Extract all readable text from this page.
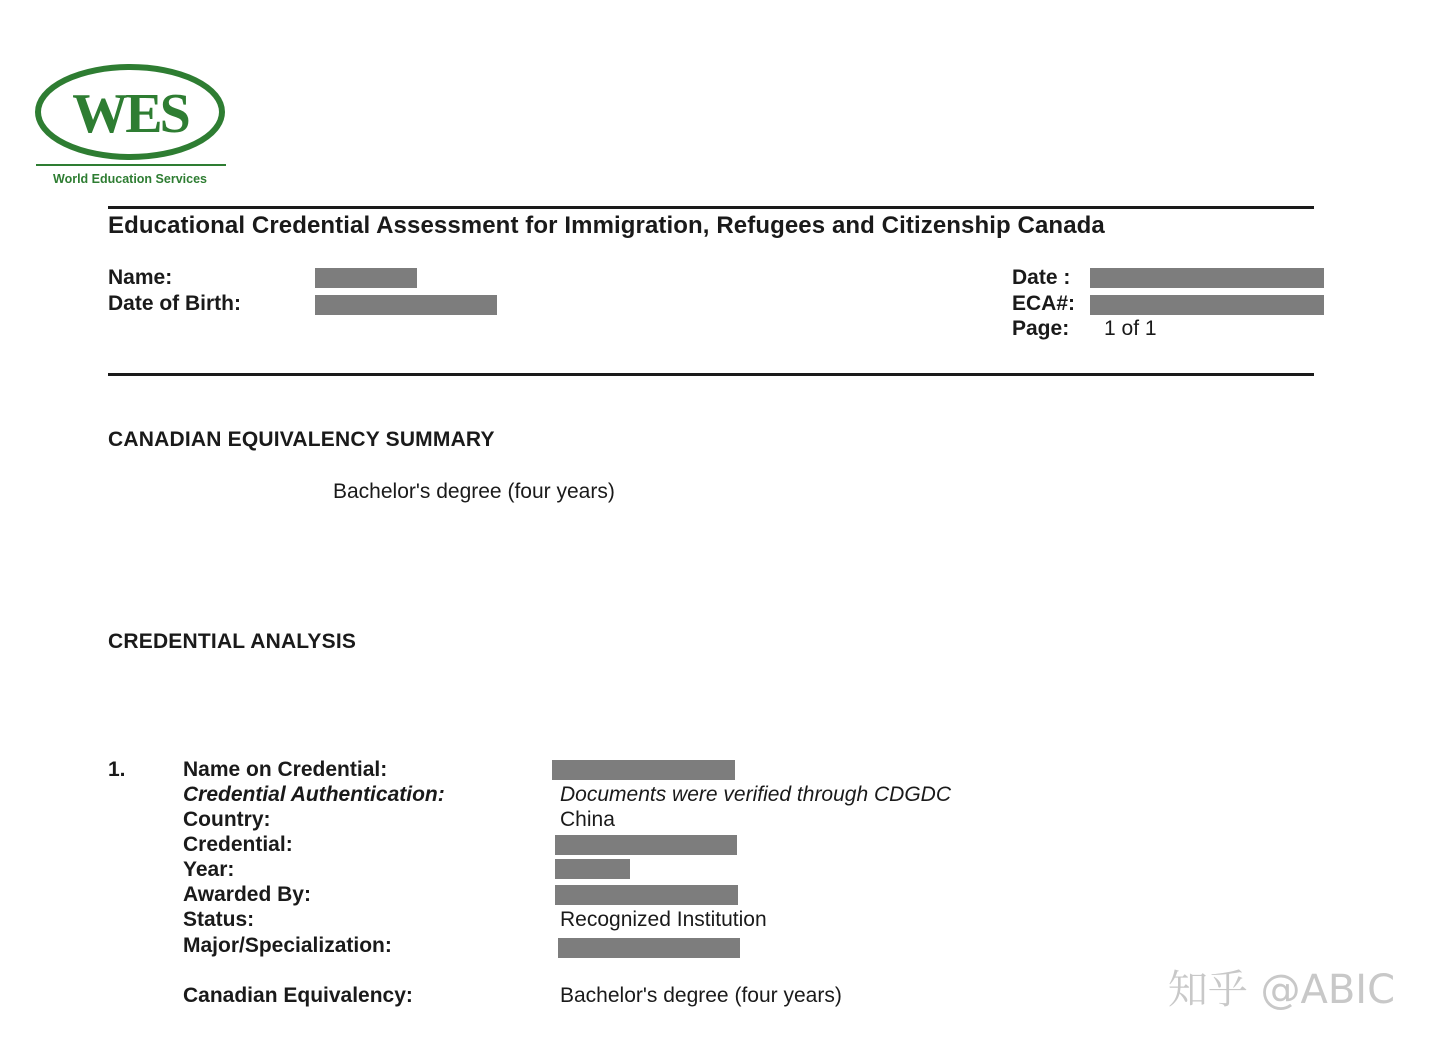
WES
World Education Services
Educational Credential Assessment for Immigration, Refugees and Citizenship Canada
Name:
Date of Birth:
Date :
ECA#:
Page: 1 of 1
CANADIAN EQUIVALENCY SUMMARY
Bachelor's degree (four years)
CREDENTIAL ANALYSIS
1.	Name on Credential:
Credential Authentication:	Documents were verified through CDGDC
Country:	China
Credential:
Year:
Awarded By:
Status:	Recognized Institution
Major/Specialization:
Canadian Equivalency:	Bachelor's degree (four years)	知乎 @ABIC
